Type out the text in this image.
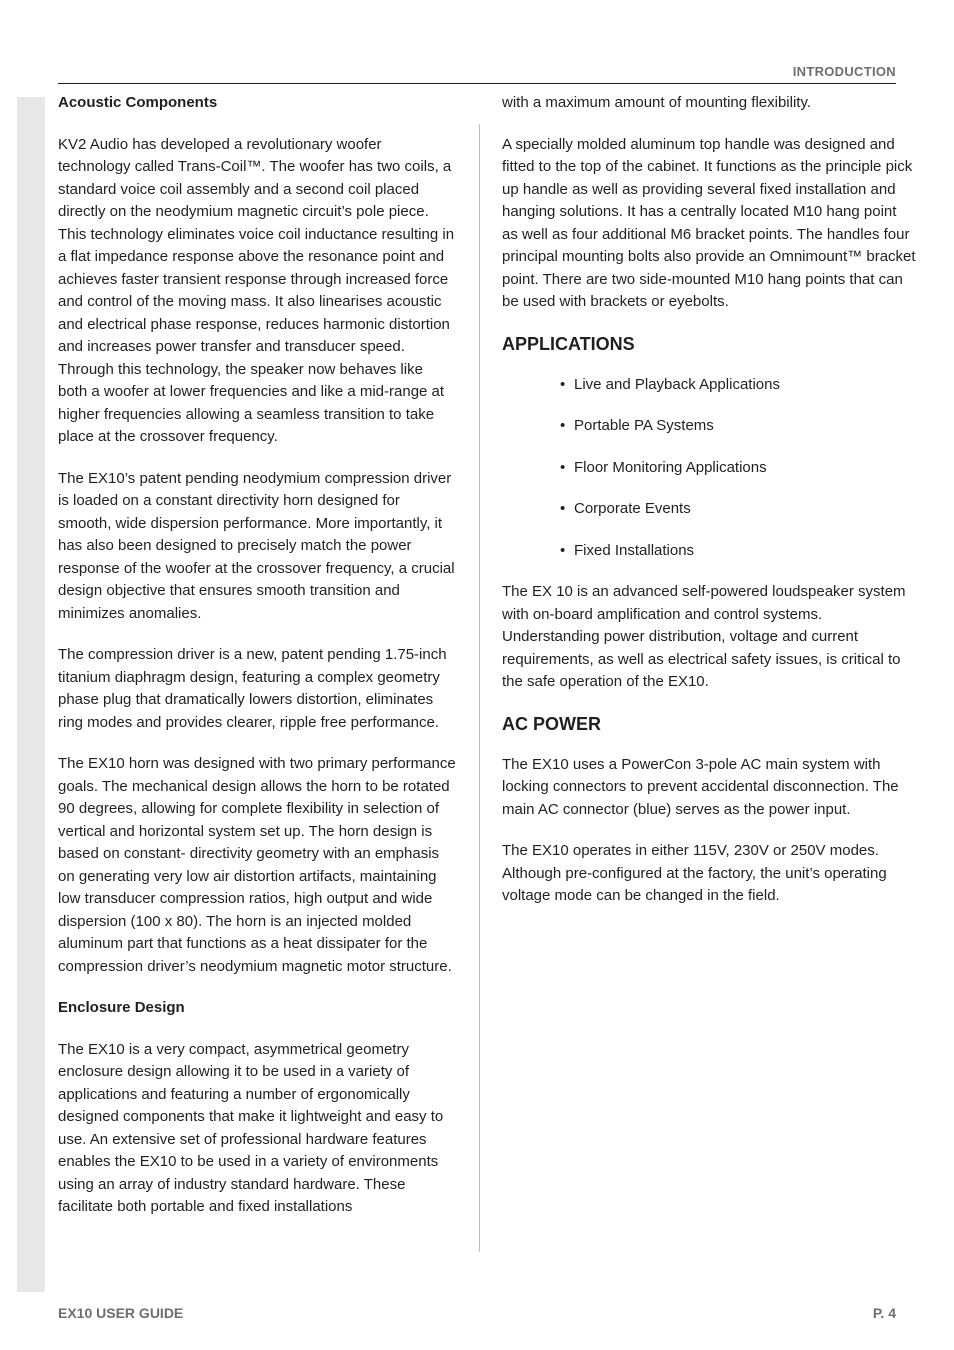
INTRODUCTION
Acoustic Components

KV2 Audio has developed a revolutionary woofer technology called Trans-Coil™. The woofer has two coils, a standard voice coil assembly and a second coil placed directly on the neodymium magnetic circuit’s pole piece. This technology eliminates voice coil inductance resulting in a flat impedance response above the resonance point and achieves faster transient response through increased force and control of the moving mass. It also linearises acoustic and electrical phase response, reduces harmonic distortion and increases power transfer and transducer speed. Through this technology, the speaker now behaves like both a woofer at lower frequencies and like a mid-range at higher frequencies allowing a seamless transition to take place at the crossover frequency.

The EX10’s patent pending neodymium compression driver is loaded on a constant directivity horn designed for smooth, wide dispersion performance. More importantly, it has also been designed to precisely match the power response of the woofer at the crossover frequency, a crucial design objective that ensures smooth transition and minimizes anomalies.

The compression driver is a new, patent pending 1.75-inch titanium diaphragm design, featuring a complex geometry phase plug that dramatically lowers distortion, eliminates ring modes and provides clearer, ripple free performance.

The EX10 horn was designed with two primary performance goals. The mechanical design allows the horn to be rotated 90 degrees, allowing for complete flexibility in selection of vertical and horizontal system set up. The horn design is based on constant- directivity geometry with an emphasis on generating very low air distortion artifacts, maintaining low transducer compression ratios, high output and wide dispersion (100 x 80). The horn is an injected molded aluminum part that functions as a heat dissipater for the compression driver’s neodymium magnetic motor structure.

Enclosure Design

The EX10 is a very compact, asymmetrical geometry enclosure design allowing it to be used in a variety of applications and featuring a number of ergonomically designed components that make it lightweight and easy to use. An extensive set of professional hardware features enables the EX10 to be used in a variety of environments using an array of industry standard hardware. These facilitate both portable and fixed installations

with a maximum amount of mounting flexibility.

A specially molded aluminum top handle was designed and fitted to the top of the cabinet. It functions as the principle pick up handle as well as providing several fixed installation and hanging solutions. It has a centrally located M10 hang point as well as four additional M6 bracket points. The handles four principal mounting bolts also provide an Omnimount™ bracket point. There are two side-mounted M10 hang points that can be used with brackets or eyebolts.

APPLICATIONS
• Live and Playback Applications
• Portable PA Systems
• Floor Monitoring Applications
• Corporate Events
• Fixed Installations

The EX 10 is an advanced self-powered loudspeaker system with on-board amplification and control systems. Understanding power distribution, voltage and current requirements, as well as electrical safety issues, is critical to the safe operation of the EX10.

AC POWER

The EX10 uses a PowerCon 3-pole AC main system with locking connectors to prevent accidental disconnection. The main AC connector (blue) serves as the power input.

The EX10 operates in either 115V, 230V or 250V modes. Although pre-configured at the factory, the unit’s operating voltage mode can be changed in the field.

EX10 USER GUIDE	P. 4
